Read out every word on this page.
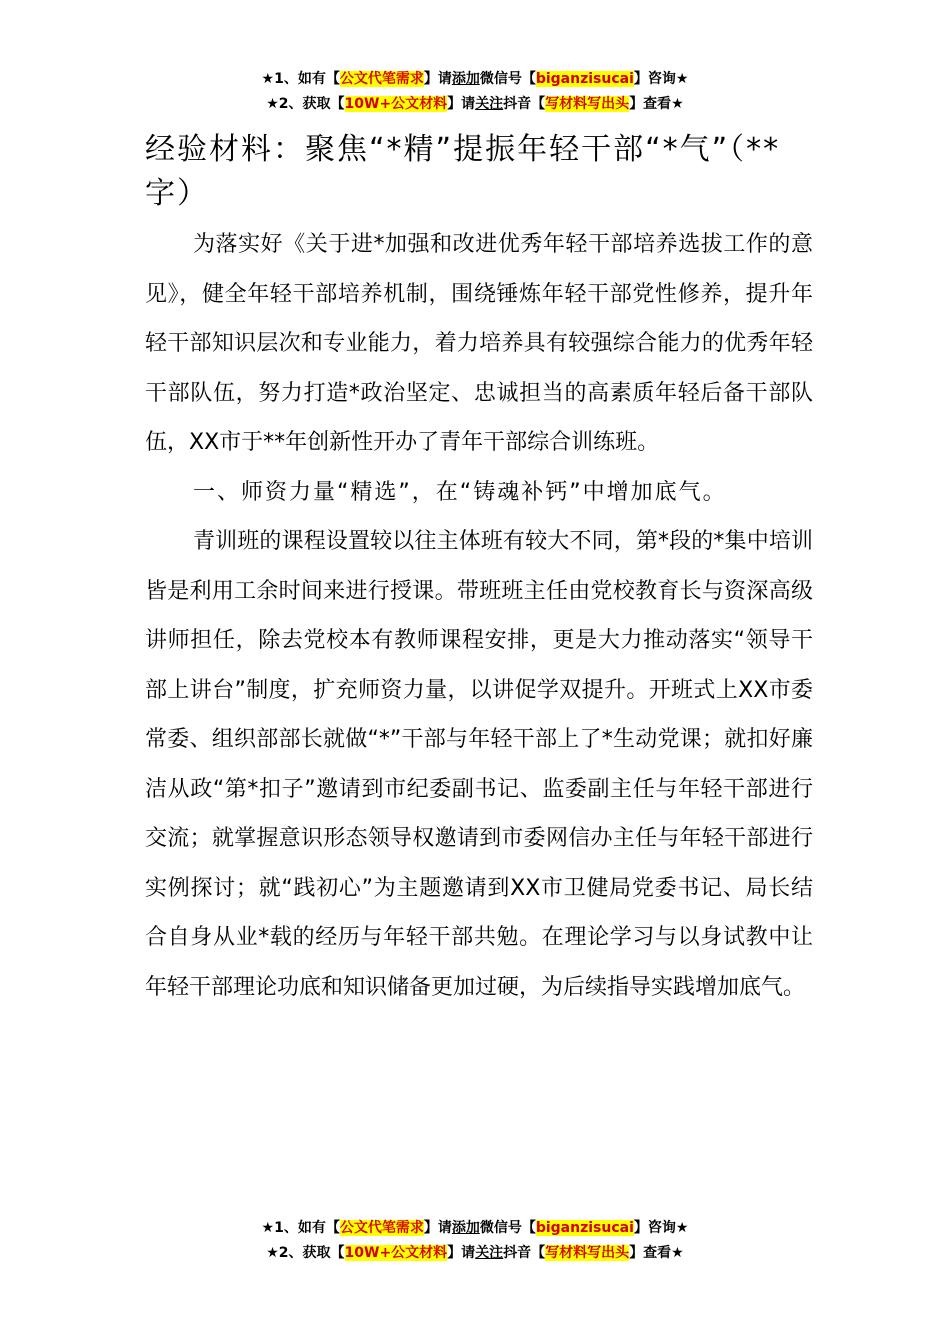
★1、如有【公文代笔需求】请添加微信号【biganzisucai】咨询★
★2、获取【10W+公文材料】请关注抖音【写材料写出头】查看★
经验材料：聚焦“*精”提振年轻干部“*气”（**字）

为落实好《关于进*加强和改进优秀年轻干部培养选拔工作的意见》，健全年轻干部培养机制，围绕锤炼年轻干部党性修养，提升年轻干部知识层次和专业能力，着力培养具有较强综合能力的优秀年轻干部队伍，努力打造*政治坚定、忠诚担当的高素质年轻后备干部队伍，XX市于**年创新性开办了青年干部综合训练班。

一、师资力量“精选”，在“铸魂补钙”中增加底气。

青训班的课程设置较以往主体班有较大不同，第*段的*集中培训皆是利用工余时间来进行授课。带班班主任由党校教育长与资深高级讲师担任，除去党校本有教师课程安排，更是大力推动落实“领导干部上讲台”制度，扩充师资力量，以讲促学双提升。开班式上XX市委常委、组织部部长就做“*”干部与年轻干部上了*生动党课；就扣好廉洁从政“第*扣子”邀请到市纪委副书记、监委副主任与年轻干部进行交流；就掌握意识形态领导权邀请到市委网信办主任与年轻干部进行实例探讨；就“践初心”为主题邀请到XX市卫健局党委书记、局长结合自身从业*载的经历与年轻干部共勉。在理论学习与以身试教中让年轻干部理论功底和知识储备更加过硬，为后续指导实践增加底气。

★1、如有【公文代笔需求】请添加微信号【biganzisucai】咨询★
★2、获取【10W+公文材料】请关注抖音【写材料写出头】查看★
